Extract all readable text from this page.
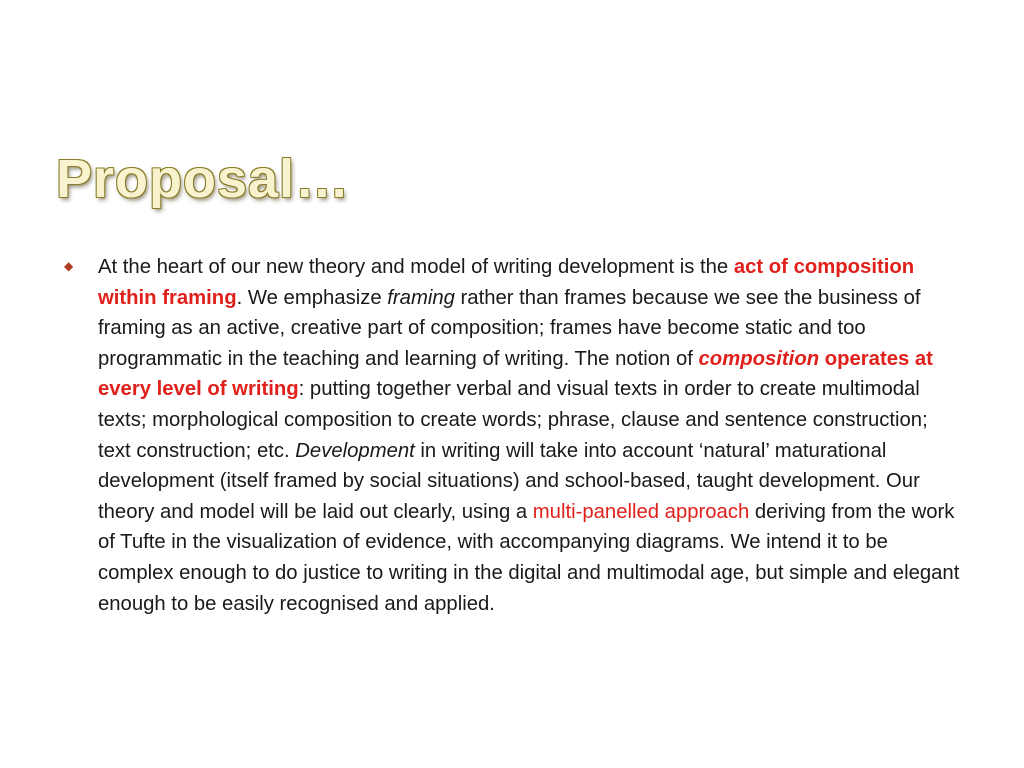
Proposal…
◆ At the heart of our new theory and model of writing development is the act of composition within framing. We emphasize framing rather than frames because we see the business of framing as an active, creative part of composition; frames have become static and too programmatic in the teaching and learning of writing. The notion of composition operates at every level of writing: putting together verbal and visual texts in order to create multimodal texts; morphological composition to create words; phrase, clause and sentence construction; text construction; etc. Development in writing will take into account ‘natural’ maturational development (itself framed by social situations) and school-based, taught development. Our theory and model will be laid out clearly, using a multi-panelled approach deriving from the work of Tufte in the visualization of evidence, with accompanying diagrams. We intend it to be complex enough to do justice to writing in the digital and multimodal age, but simple and elegant enough to be easily recognised and applied.
